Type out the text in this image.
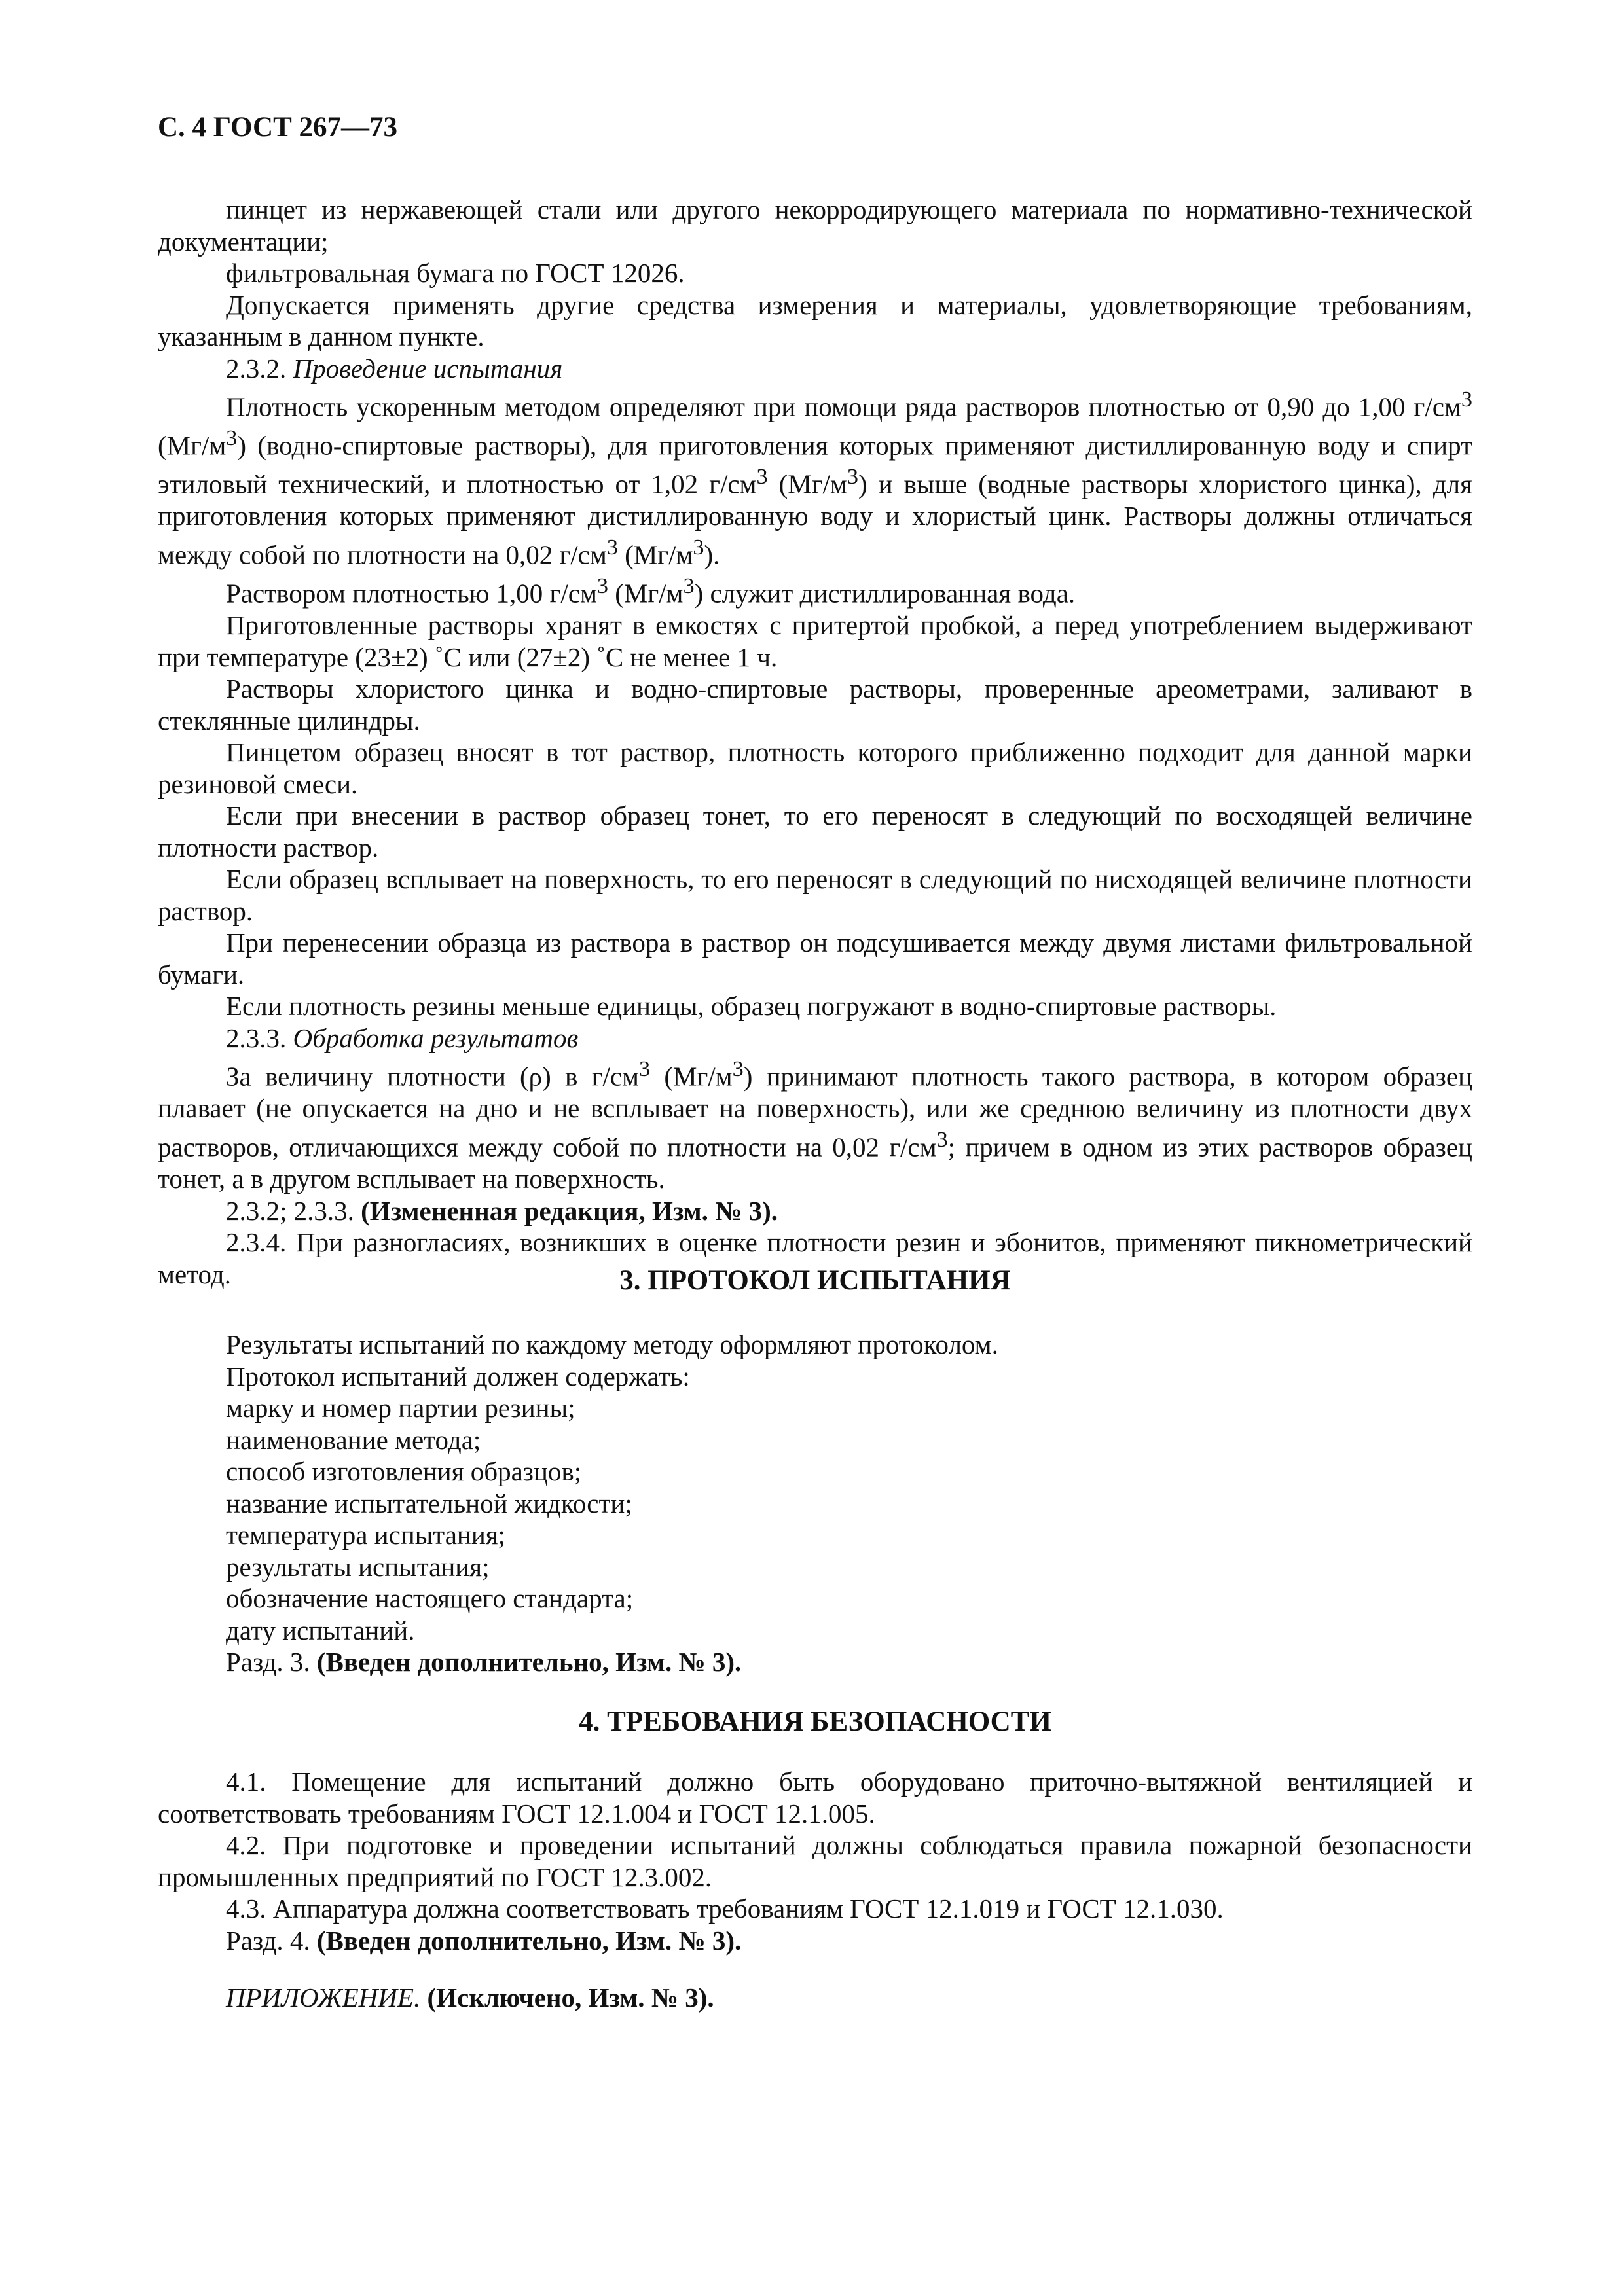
С. 4 ГОСТ 267—73

пинцет из нержавеющей стали или другого некорродирующего материала по нормативно-технической документации;

фильтровальная бумага по ГОСТ 12026.

Допускается применять другие средства измерения и материалы, удовлетворяющие требованиям, указанным в данном пункте.

2.3.2. Проведение испытания

Плотность ускоренным методом определяют при помощи ряда растворов плотностью от 0,90 до 1,00 $г/см^3$ $(Мг/м^3)$ (водно-спиртовые растворы), для приготовления которых применяют дистиллированную воду и спирт этиловый технический, и плотностью от 1,02 $г/см^3$ $(Мг/м^3)$ и выше (водные растворы хлористого цинка), для приготовления которых применяют дистиллированную воду и хлористый цинк. Растворы должны отличаться между собой по плотности на 0,02 $г/см^3$ $(Мг/м^3)$.

Раствором плотностью 1,00 $г/см^3$ $(Мг/м^3)$ служит дистиллированная вода.

Приготовленные растворы хранят в емкостях с притертой пробкой, а перед употреблением выдерживают при температуре (23±2) ˚С или (27±2) ˚С не менее 1 ч.

Растворы хлористого цинка и водно-спиртовые растворы, проверенные ареометрами, заливают в стеклянные цилиндры.

Пинцетом образец вносят в тот раствор, плотность которого приближенно подходит для данной марки резиновой смеси.

Если при внесении в раствор образец тонет, то его переносят в следующий по восходящей величине плотности раствор.

Если образец всплывает на поверхность, то его переносят в следующий по нисходящей величине плотности раствор.

При перенесении образца из раствора в раствор он подсушивается между двумя листами фильтровальной бумаги.

Если плотность резины меньше единицы, образец погружают в водно-спиртовые растворы.

2.3.3. Обработка результатов

За величину плотности (ρ) в $г/см^3$ $(Мг/м^3)$ принимают плотность такого раствора, в котором образец плавает (не опускается на дно и не всплывает на поверхность), или же среднюю величину из плотности двух растворов, отличающихся между собой по плотности на 0,02 $г/см^3$; причем в одном из этих растворов образец тонет, а в другом всплывает на поверхность.

2.3.2; 2.3.3. (Измененная редакция, Изм. № 3).

2.3.4. При разногласиях, возникших в оценке плотности резин и эбонитов, применяют пикнометрический метод.	3. ПРОТОКОЛ ИСПЫТАНИЯ

Результаты испытаний по каждому методу оформляют протоколом.

Протокол испытаний должен содержать:

марку и номер партии резины;

наименование метода;

способ изготовления образцов;

название испытательной жидкости;

температура испытания;

результаты испытания;

обозначение настоящего стандарта;

дату испытаний.

Разд. 3. (Введен дополнительно, Изм. № 3).

4. ТРЕБОВАНИЯ БЕЗОПАСНОСТИ

4.1. Помещение для испытаний должно быть оборудовано приточно-вытяжной вентиляцией и соответствовать требованиям ГОСТ 12.1.004 и ГОСТ 12.1.005.

4.2. При подготовке и проведении испытаний должны соблюдаться правила пожарной безопасности промышленных предприятий по ГОСТ 12.3.002.

4.3. Аппаратура должна соответствовать требованиям ГОСТ 12.1.019 и ГОСТ 12.1.030.

Разд. 4. (Введен дополнительно, Изм. № 3).

ПРИЛОЖЕНИЕ. (Исключено, Изм. № 3).
